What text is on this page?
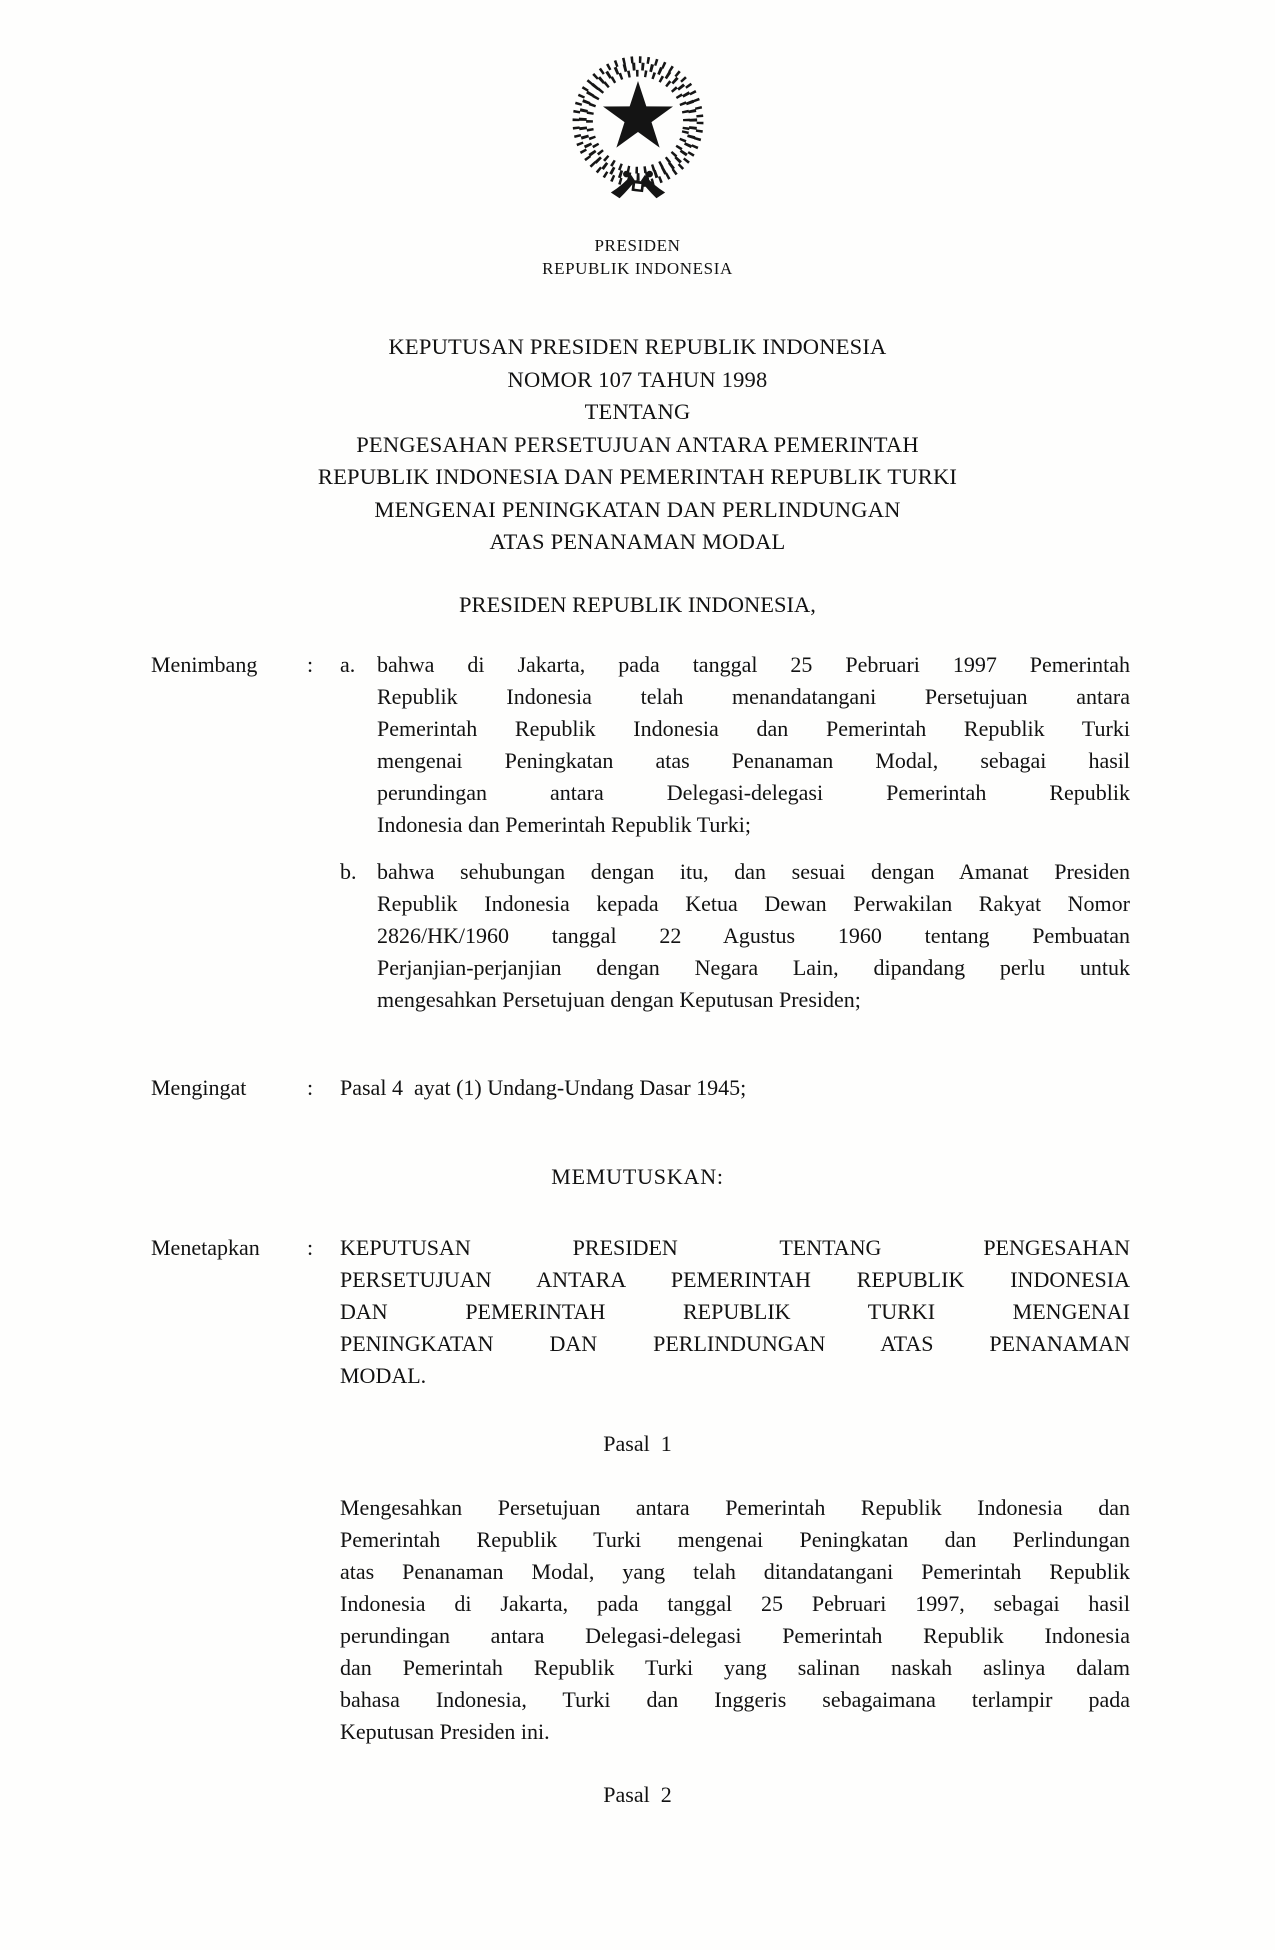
PRESIDEN
REPUBLIK INDONESIA
KEPUTUSAN PRESIDEN REPUBLIK INDONESIA
NOMOR 107 TAHUN 1998
TENTANG
PENGESAHAN PERSETUJUAN ANTARA PEMERINTAH
REPUBLIK INDONESIA DAN PEMERINTAH REPUBLIK TURKI
MENGENAI PENINGKATAN DAN PERLINDUNGAN
ATAS PENANAMAN MODAL
PRESIDEN REPUBLIK INDONESIA,
Menimbang	:	a. bahwa di Jakarta, pada tanggal 25 Pebruari 1997 Pemerintah
Republik Indonesia telah menandatangani Persetujuan antara
Pemerintah Republik Indonesia dan Pemerintah Republik Turki
mengenai Peningkatan atas Penanaman Modal, sebagai hasil
perundingan antara Delegasi-delegasi Pemerintah Republik
Indonesia dan Pemerintah Republik Turki;
b. bahwa sehubungan dengan itu, dan sesuai dengan Amanat Presiden
Republik Indonesia kepada Ketua Dewan Perwakilan Rakyat Nomor
2826/HK/1960 tanggal 22 Agustus 1960 tentang Pembuatan
Perjanjian-perjanjian dengan Negara Lain, dipandang perlu untuk
mengesahkan Persetujuan dengan Keputusan Presiden;
Mengingat	:	Pasal 4  ayat (1) Undang-Undang Dasar 1945;
MEMUTUSKAN:
Menetapkan	:	KEPUTUSAN PRESIDEN TENTANG PENGESAHAN
PERSETUJUAN ANTARA PEMERINTAH REPUBLIK INDONESIA
DAN PEMERINTAH REPUBLIK TURKI MENGENAI
PENINGKATAN DAN PERLINDUNGAN ATAS PENANAMAN
MODAL.
Pasal  1
Mengesahkan Persetujuan antara Pemerintah Republik Indonesia dan
Pemerintah Republik Turki mengenai Peningkatan dan Perlindungan
atas Penanaman Modal, yang telah ditandatangani Pemerintah Republik
Indonesia di Jakarta, pada tanggal 25 Pebruari 1997, sebagai hasil
perundingan antara Delegasi-delegasi Pemerintah Republik Indonesia
dan Pemerintah Republik Turki yang salinan naskah aslinya dalam
bahasa Indonesia, Turki dan Inggeris sebagaimana terlampir pada
Keputusan Presiden ini.
Pasal  2
